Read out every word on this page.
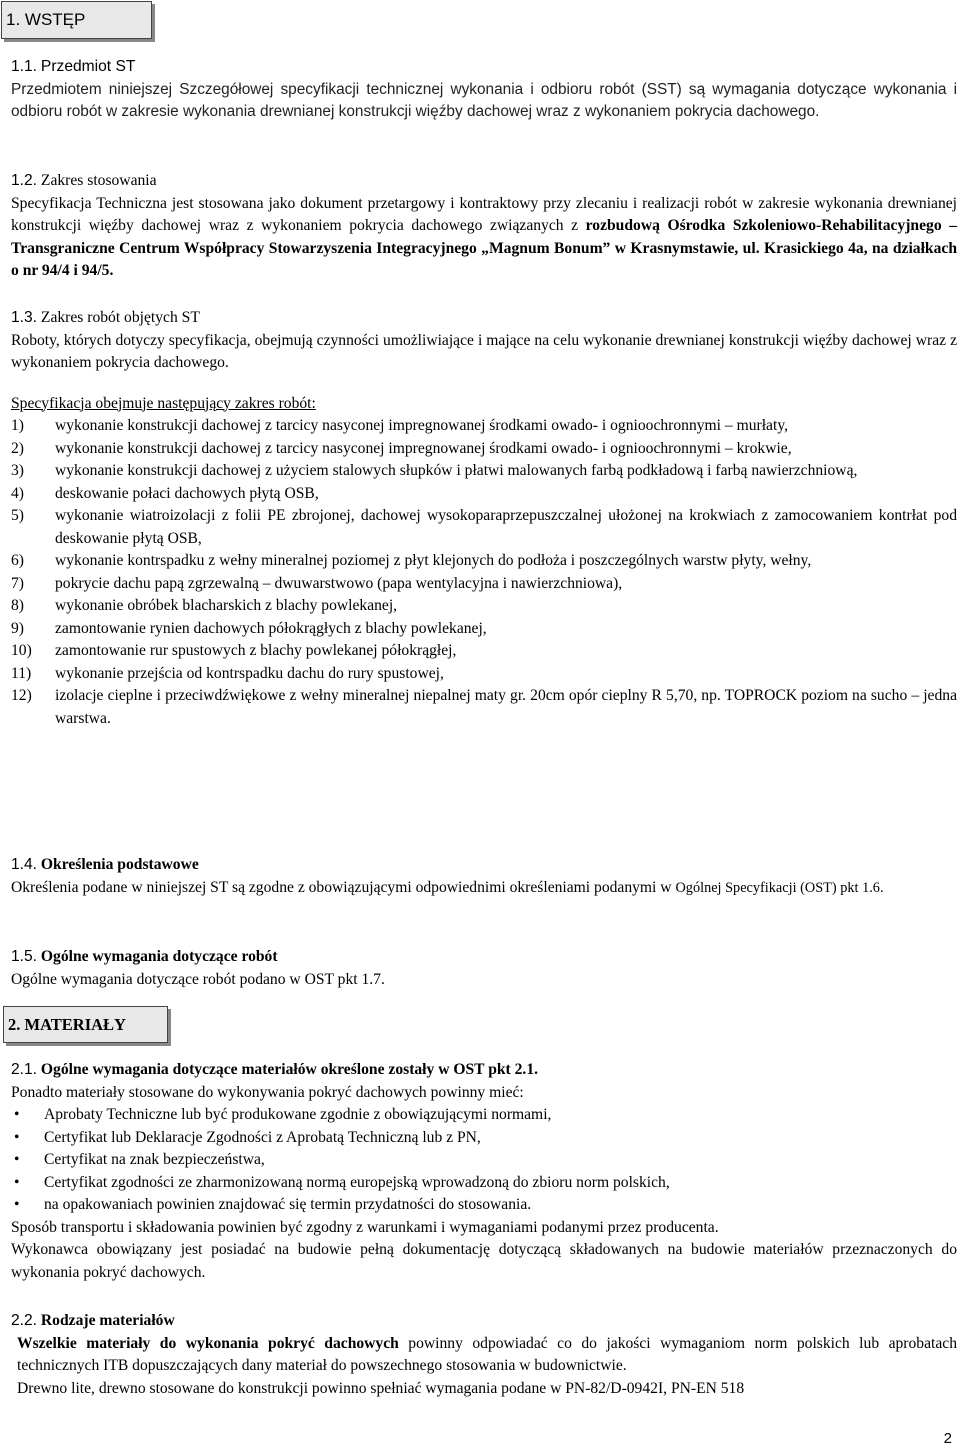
1. WSTĘP

1.1. Przedmiot ST

Przedmiotem niniejszej Szczegółowej specyfikacji technicznej wykonania i odbioru robót (SST) są wymagania dotyczące wykonania i odbioru robót w zakresie wykonania drewnianej konstrukcji więźby dachowej wraz z wykonaniem pokrycia dachowego.

1.2. Zakres stosowania

Specyfikacja Techniczna jest stosowana jako dokument przetargowy i kontraktowy przy zlecaniu i realizacji robót w zakresie wykonania drewnianej konstrukcji więźby dachowej wraz z wykonaniem pokrycia dachowego związanych z rozbudową Ośrodka Szkoleniowo-Rehabilitacyjnego – Transgraniczne Centrum Współpracy Stowarzyszenia Integracyjnego „Magnum Bonum” w Krasnymstawie, ul. Krasickiego 4a, na działkach o nr 94/4 i 94/5.

1.3. Zakres robót objętych ST

Roboty, których dotyczy specyfikacja, obejmują czynności umożliwiające i mające na celu wykonanie drewnianej konstrukcji więźby dachowej wraz z wykonaniem pokrycia dachowego.

Specyfikacja obejmuje następujący zakres robót:

1) wykonanie konstrukcji dachowej z tarcicy nasyconej impregnowanej środkami owado- i ognioochronnymi – murłaty,
2) wykonanie konstrukcji dachowej z tarcicy nasyconej impregnowanej środkami owado- i ognioochronnymi – krokwie,
3) wykonanie konstrukcji dachowej z użyciem stalowych słupków i płatwi malowanych farbą podkładową i farbą nawierzchniową,
4) deskowanie połaci dachowych płytą OSB,
5) wykonanie wiatroizolacji z folii PE zbrojonej, dachowej wysokoparaprzepuszczalnej ułożonej na krokwiach z zamocowaniem kontrłat pod deskowanie płytą OSB,
6) wykonanie kontrspadku z wełny mineralnej poziomej z płyt klejonych do podłoża i poszczególnych warstw płyty, wełny,
7) pokrycie dachu papą zgrzewalną – dwuwarstwowo (papa wentylacyjna i nawierzchniowa),
8) wykonanie obróbek blacharskich z blachy powlekanej,
9) zamontowanie rynien dachowych półokrągłych z blachy powlekanej,
10) zamontowanie rur spustowych z blachy powlekanej półokrągłej,
11) wykonanie przejścia od kontrspadku dachu do rury spustowej,
12) izolacje cieplne i przeciwdźwiękowe z wełny mineralnej niepalnej maty gr. 20cm opór cieplny R 5,70, np. TOPROCK poziom na sucho – jedna warstwa.

1.4. Określenia podstawowe

Określenia podane w niniejszej ST są zgodne z obowiązującymi odpowiednimi określeniami podanymi w Ogólnej Specyfikacji (OST) pkt 1.6.

1.5. Ogólne wymagania dotyczące robót

Ogólne wymagania dotyczące robót podano w OST pkt 1.7.

2. MATERIAŁY

2.1. Ogólne wymagania dotyczące materiałów określone zostały w OST pkt 2.1.

Ponadto materiały stosowane do wykonywania pokryć dachowych powinny mieć:

• Aprobaty Techniczne lub być produkowane zgodnie z obowiązującymi normami,
• Certyfikat lub Deklaracje Zgodności z Aprobatą Techniczną lub z PN,
• Certyfikat na znak bezpieczeństwa,
• Certyfikat zgodności ze zharmonizowaną normą europejską wprowadzoną do zbioru norm polskich,
• na opakowaniach powinien znajdować się termin przydatności do stosowania.

Sposób transportu i składowania powinien być zgodny z warunkami i wymaganiami podanymi przez producenta.

Wykonawca obowiązany jest posiadać na budowie pełną dokumentację dotyczącą składowanych na budowie materiałów przeznaczonych do wykonania pokryć dachowych.

2.2. Rodzaje materiałów

Wszelkie materiały do wykonania pokryć dachowych powinny odpowiadać co do jakości wymaganiom norm polskich lub aprobatach technicznych ITB dopuszczających dany materiał do powszechnego stosowania w budownictwie.

Drewno lite, drewno stosowane do konstrukcji powinno spełniać wymagania podane w PN-82/D-0942I, PN-EN 518

2
